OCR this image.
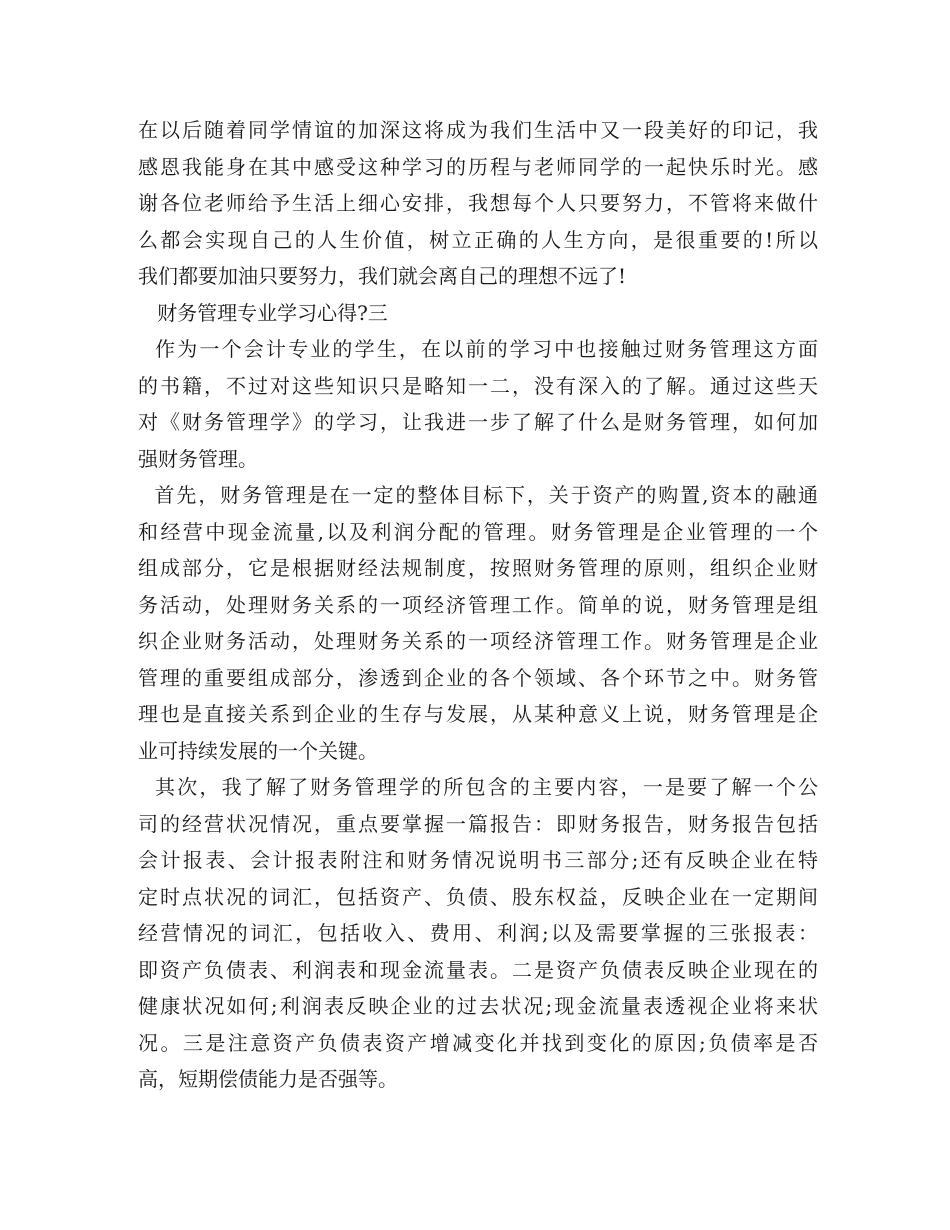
在以后随着同学情谊的加深这将成为我们生活中又一段美好的印记，我
感恩我能身在其中感受这种学习的历程与老师同学的一起快乐时光。感
谢各位老师给予生活上细心安排，我想每个人只要努力，不管将来做什
么都会实现自己的人生价值，树立正确的人生方向，是很重要的!所以
我们都要加油只要努力，我们就会离自己的理想不远了!
财务管理专业学习心得?三
作为一个会计专业的学生，在以前的学习中也接触过财务管理这方面
的书籍，不过对这些知识只是略知一二，没有深入的了解。通过这些天
对《财务管理学》的学习，让我进一步了解了什么是财务管理，如何加
强财务管理。
首先，财务管理是在一定的整体目标下，关于资产的购置,资本的融通
和经营中现金流量,以及利润分配的管理。财务管理是企业管理的一个
组成部分，它是根据财经法规制度，按照财务管理的原则，组织企业财
务活动，处理财务关系的一项经济管理工作。简单的说，财务管理是组
织企业财务活动，处理财务关系的一项经济管理工作。财务管理是企业
管理的重要组成部分，渗透到企业的各个领域、各个环节之中。财务管
理也是直接关系到企业的生存与发展，从某种意义上说，财务管理是企
业可持续发展的一个关键。
其次，我了解了财务管理学的所包含的主要内容，一是要了解一个公
司的经营状况情况，重点要掌握一篇报告：即财务报告，财务报告包括
会计报表、会计报表附注和财务情况说明书三部分;还有反映企业在特
定时点状况的词汇，包括资产、负债、股东权益，反映企业在一定期间
经营情况的词汇，包括收入、费用、利润;以及需要掌握的三张报表：
即资产负债表、利润表和现金流量表。二是资产负债表反映企业现在的
健康状况如何;利润表反映企业的过去状况;现金流量表透视企业将来状
况。三是注意资产负债表资产增减变化并找到变化的原因;负债率是否
高，短期偿债能力是否强等。
